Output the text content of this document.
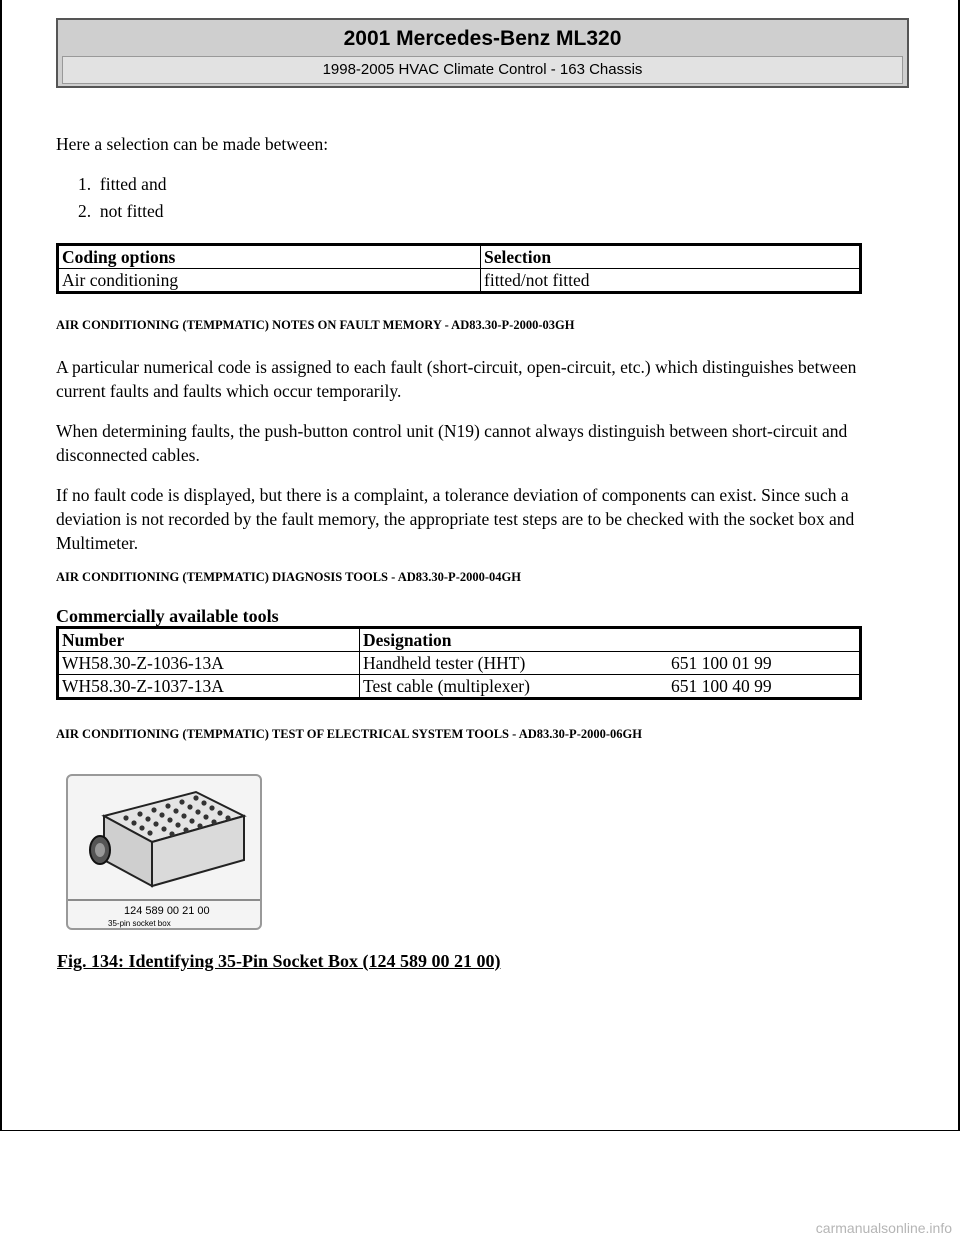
2001 Mercedes-Benz ML320
1998-2005 HVAC Climate Control - 163 Chassis
Here a selection can be made between:
1.  fitted and
2.  not fitted
Coding options	Selection
Air conditioning	fitted/not fitted
AIR CONDITIONING (TEMPMATIC) NOTES ON FAULT MEMORY - AD83.30-P-2000-03GH
A particular numerical code is assigned to each fault (short-circuit, open-circuit, etc.) which distinguishes between current faults and faults which occur temporarily.
When determining faults, the push-button control unit (N19) cannot always distinguish between short-circuit and disconnected cables.
If no fault code is displayed, but there is a complaint, a tolerance deviation of components can exist. Since such a deviation is not recorded by the fault memory, the appropriate test steps are to be checked with the socket box and Multimeter.
AIR CONDITIONING (TEMPMATIC) DIAGNOSIS TOOLS - AD83.30-P-2000-04GH
Commercially available tools
Number	Designation	
WH58.30-Z-1036-13A	Handheld tester (HHT)	651 100 01 99
WH58.30-Z-1037-13A	Test cable (multiplexer)	651 100 40 99
AIR CONDITIONING (TEMPMATIC) TEST OF ELECTRICAL SYSTEM TOOLS - AD83.30-P-2000-06GH
124 589 00 21 00
35-pin socket box
Fig. 134: Identifying 35-Pin Socket Box (124 589 00 21 00)
carmanualsonline.info
